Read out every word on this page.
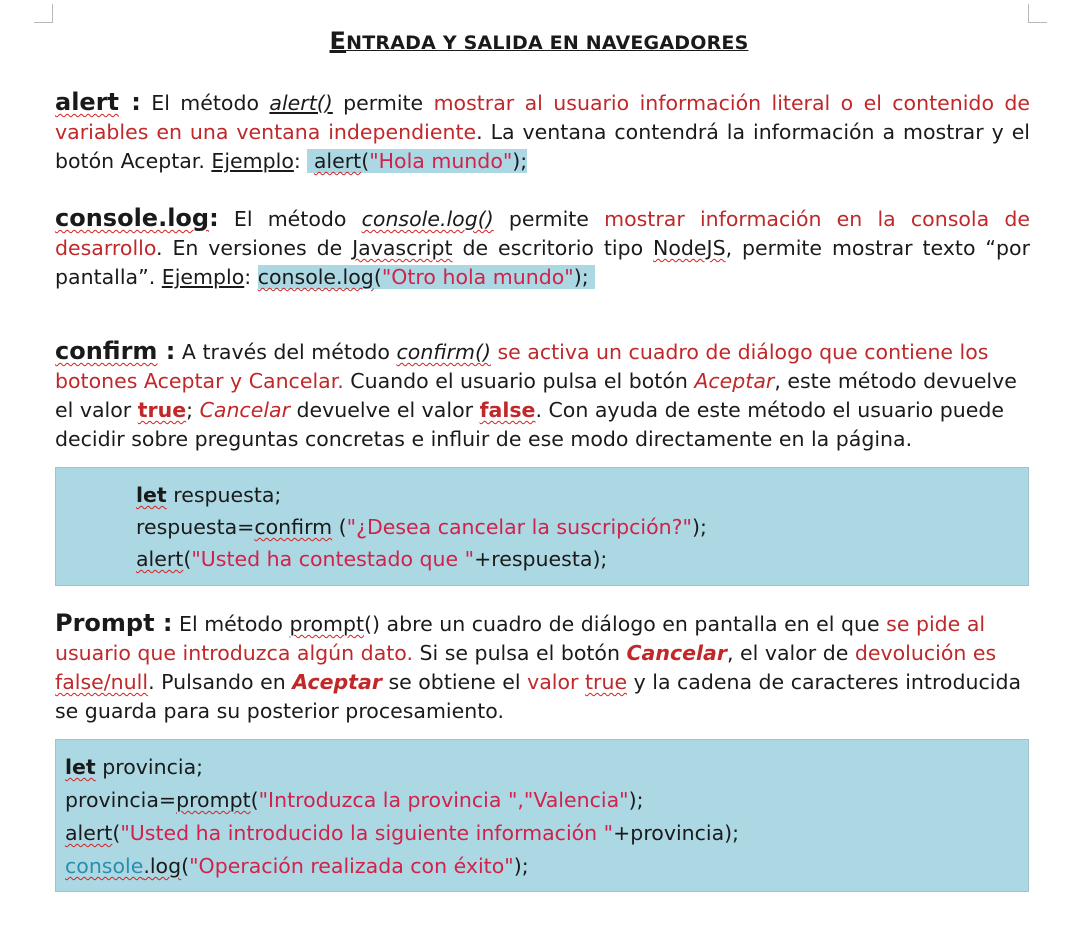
ENTRADA Y SALIDA EN NAVEGADORES

alert : El método alert() permite mostrar al usuario información literal o el contenido de variables en una ventana independiente. La ventana contendrá la información a mostrar y el botón Aceptar. Ejemplo:  alert("Hola mundo");

console.log: El método console.log() permite mostrar información en la consola de desarrollo. En versiones de Javascript de escritorio tipo NodeJS, permite mostrar texto “por pantalla”. Ejemplo: console.log("Otro hola mundo");

confirm : A través del método confirm() se activa un cuadro de diálogo que contiene los botones Aceptar y Cancelar. Cuando el usuario pulsa el botón Aceptar, este método devuelve el valor true; Cancelar devuelve el valor false. Con ayuda de este método el usuario puede decidir sobre preguntas concretas e influir de ese modo directamente en la página.

let respuesta;
respuesta=confirm ("¿Desea cancelar la suscripción?");
alert("Usted ha contestado que "+respuesta);

Prompt : El método prompt() abre un cuadro de diálogo en pantalla en el que se pide al usuario que introduzca algún dato. Si se pulsa el botón Cancelar, el valor de devolución es false/null. Pulsando en Aceptar se obtiene el valor true y la cadena de caracteres introducida se guarda para su posterior procesamiento.

let provincia;
provincia=prompt("Introduzca la provincia ","Valencia");
alert("Usted ha introducido la siguiente información "+provincia);
console.log("Operación realizada con éxito");
